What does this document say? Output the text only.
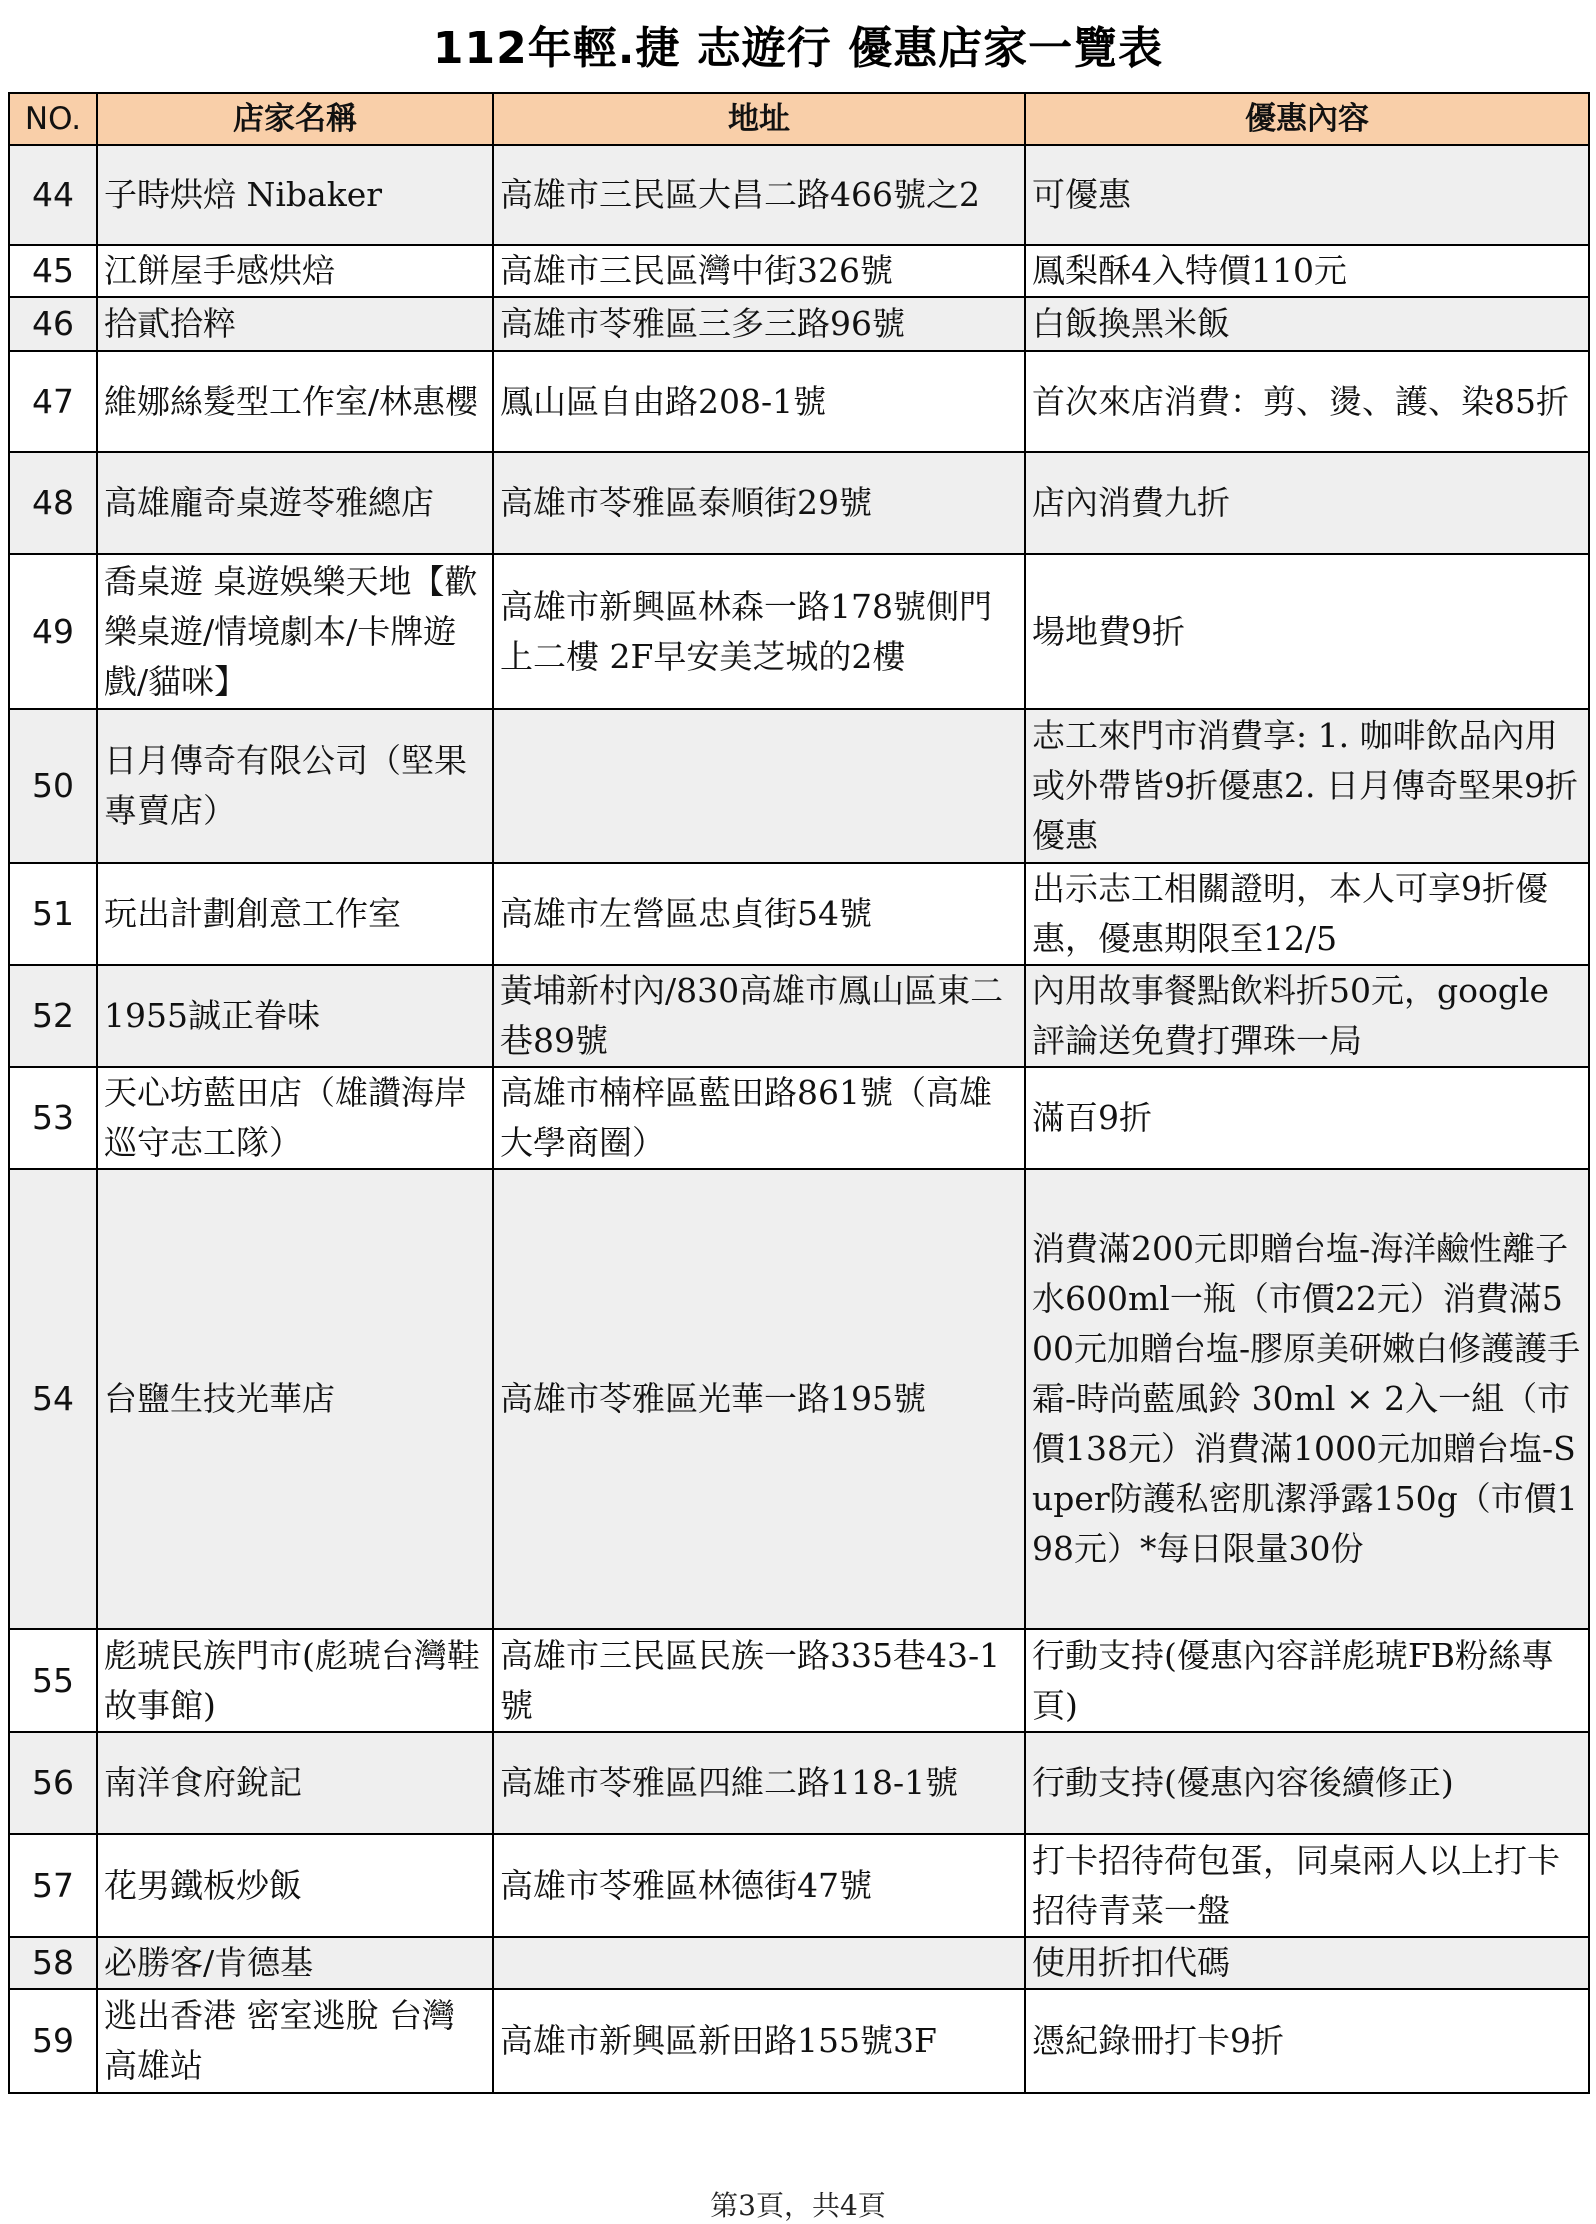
112年輕.捷 志遊行 優惠店家一覽表
NO.	店家名稱	地址	優惠內容
44	子時烘焙 Nibaker	高雄市三民區大昌二路466號之2	可優惠
45	江餅屋手感烘焙	高雄市三民區灣中街326號	鳳梨酥4入特價110元
46	拾貳拾粹	高雄市苓雅區三多三路96號	白飯換黑米飯
47	維娜絲髮型工作室/林惠櫻	鳳山區自由路208-1號	首次來店消費：剪、燙、護、染85折
48	高雄龐奇桌遊苓雅總店	高雄市苓雅區泰順街29號	店內消費九折
49	喬桌遊 桌遊娛樂天地【歡樂桌遊/情境劇本/卡牌遊戲/貓咪】	高雄市新興區林森一路178號側門上二樓 2F早安美芝城的2樓	場地費9折
50	日月傳奇有限公司（堅果專賣店）		志工來門市消費享: 1. 咖啡飲品內用或外帶皆9折優惠2. 日月傳奇堅果9折優惠
51	玩出計劃創意工作室	高雄市左營區忠貞街54號	出示志工相關證明，本人可享9折優惠，優惠期限至12/5
52	1955誠正眷味	黃埔新村內/830高雄市鳳山區東二巷89號	內用故事餐點飲料折50元，google評論送免費打彈珠一局
53	天心坊藍田店（雄讚海岸巡守志工隊）	高雄市楠梓區藍田路861號（高雄大學商圈）	滿百9折
54	台鹽生技光華店	高雄市苓雅區光華一路195號	消費滿200元即贈台塩-海洋鹼性離子水600ml一瓶（市價22元）消費滿500元加贈台塩-膠原美研嫩白修護護手霜-時尚藍風鈴 30ml × 2入一組（市價138元）消費滿1000元加贈台塩-Super防護私密肌潔淨露150g（市價198元）*每日限量30份
55	彪琥民族門市(彪琥台灣鞋故事館)	高雄市三民區民族一路335巷43-1號	行動支持(優惠內容詳彪琥FB粉絲專頁)
56	南洋食府銳記	高雄市苓雅區四維二路118-1號	行動支持(優惠內容後續修正)
57	花男鐵板炒飯	高雄市苓雅區林德街47號	打卡招待荷包蛋，同桌兩人以上打卡招待青菜一盤
58	必勝客/肯德基		使用折扣代碼
59	逃出香港 密室逃脫 台灣高雄站	高雄市新興區新田路155號3F	憑紀錄冊打卡9折
第3頁，共4頁
